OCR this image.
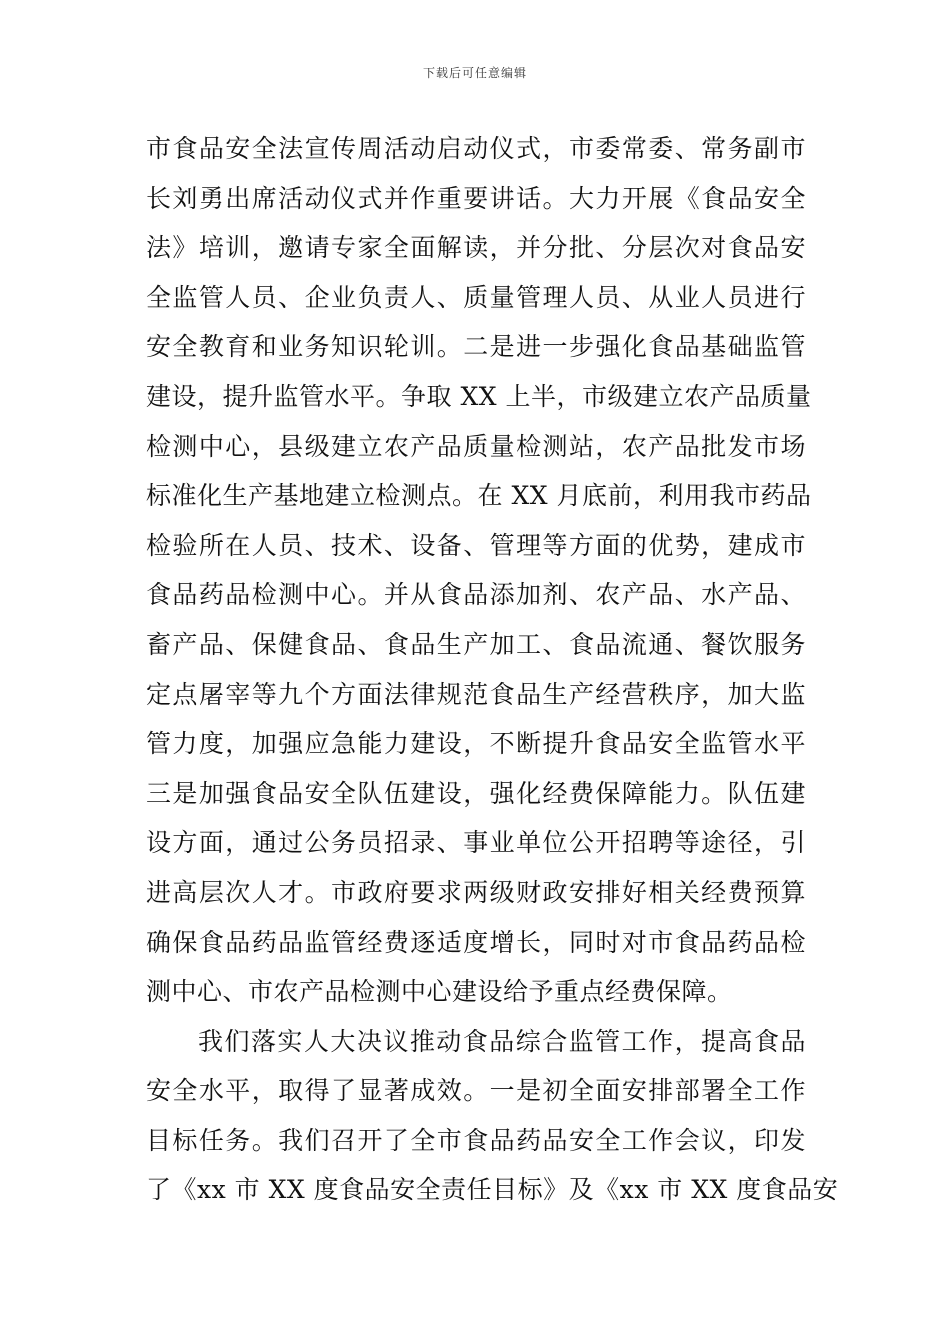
下载后可任意编辑
市食品安全法宣传周活动启动仪式，市委常委、常务副市
长刘勇出席活动仪式并作重要讲话。大力开展《食品安全
法》培训，邀请专家全面解读，并分批、分层次对食品安
全监管人员、企业负责人、质量管理人员、从业人员进行
安全教育和业务知识轮训。二是进一步强化食品基础监管
建设，提升监管水平。争取 XX 上半，市级建立农产品质量
检测中心，县级建立农产品质量检测站，农产品批发市场
标准化生产基地建立检测点。在 XX 月底前，利用我市药品
检验所在人员、技术、设备、管理等方面的优势，建成市
食品药品检测中心。并从食品添加剂、农产品、水产品、
畜产品、保健食品、食品生产加工、食品流通、餐饮服务
定点屠宰等九个方面法律规范食品生产经营秩序，加大监
管力度，加强应急能力建设，不断提升食品安全监管水平
三是加强食品安全队伍建设，强化经费保障能力。队伍建
设方面，通过公务员招录、事业单位公开招聘等途径，引
进高层次人才。市政府要求两级财政安排好相关经费预算
确保食品药品监管经费逐适度增长，同时对市食品药品检
测中心、市农产品检测中心建设给予重点经费保障。
我们落实人大决议推动食品综合监管工作，提高食品
安全水平，取得了显著成效。一是初全面安排部署全工作
目标任务。我们召开了全市食品药品安全工作会议，印发
了《xx 市 XX 度食品安全责任目标》及《xx 市 XX 度食品安
